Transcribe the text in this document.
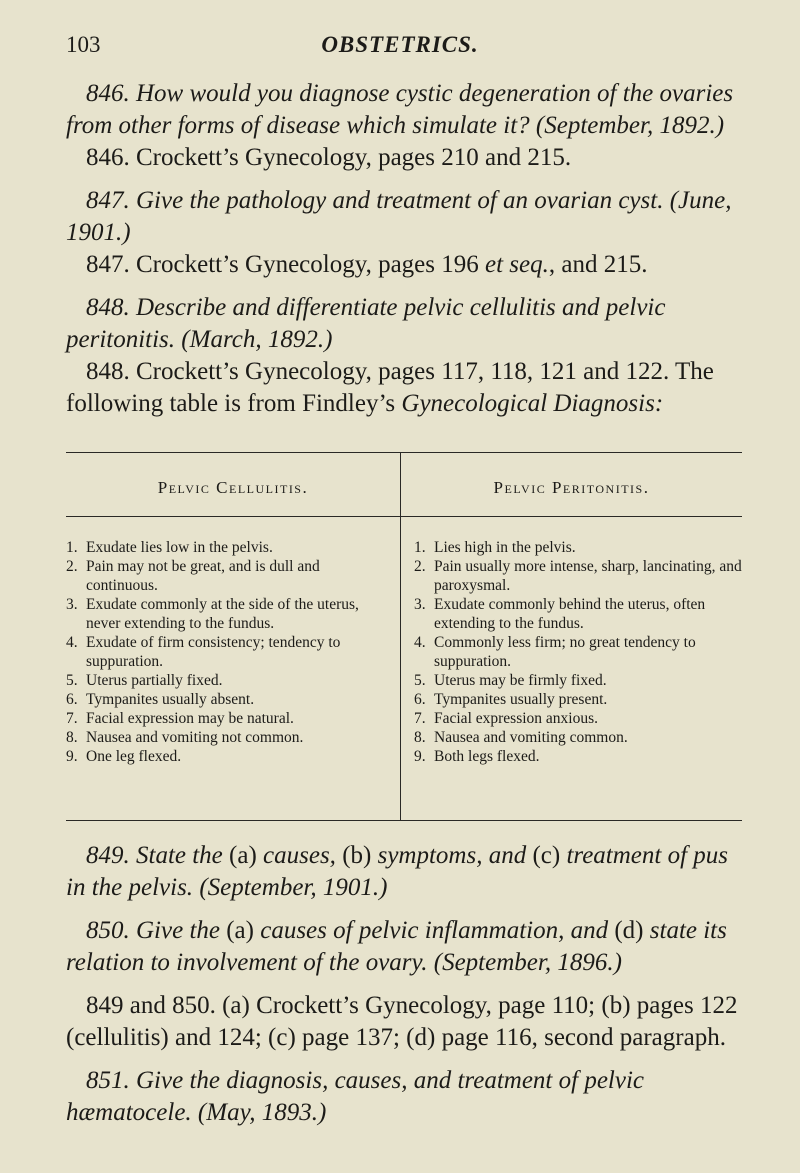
103	OBSTETRICS.

846. How would you diagnose cystic degeneration of the ovaries from other forms of disease which simulate it? (September, 1892.)

846. Crockett’s Gynecology, pages 210 and 215.

847. Give the pathology and treatment of an ovarian cyst. (June, 1901.)

847. Crockett’s Gynecology, pages 196 et seq., and 215.

848. Describe and differentiate pelvic cellulitis and pelvic peritonitis. (March, 1892.)

848. Crockett’s Gynecology, pages 117, 118, 121 and 122. The following table is from Findley’s Gynecological Diagnosis:

Pelvic Cellulitis.	Pelvic Peritonitis.
1. Exudate lies low in the pelvis.
2. Pain may not be great, and is dull and continuous.
3. Exudate commonly at the side of the uterus, never extending to the fundus.
4. Exudate of firm consistency; tendency to suppuration.
5. Uterus partially fixed.
6. Tympanites usually absent.
7. Facial expression may be natural.
8. Nausea and vomiting not common.
9. One leg flexed.
1. Lies high in the pelvis.
2. Pain usually more intense, sharp, lancinating, and paroxysmal.
3. Exudate commonly behind the uterus, often extending to the fundus.
4. Commonly less firm; no great tendency to suppuration.
5. Uterus may be firmly fixed.
6. Tympanites usually present.
7. Facial expression anxious.
8. Nausea and vomiting common.
9. Both legs flexed.

849. State the (a) causes, (b) symptoms, and (c) treatment of pus in the pelvis. (September, 1901.)

850. Give the (a) causes of pelvic inflammation, and (d) state its relation to involvement of the ovary. (September, 1896.)

849 and 850. (a) Crockett’s Gynecology, page 110; (b) pages 122 (cellulitis) and 124; (c) page 137; (d) page 116, second paragraph.

851. Give the diagnosis, causes, and treatment of pelvic hæmatocele. (May, 1893.)
